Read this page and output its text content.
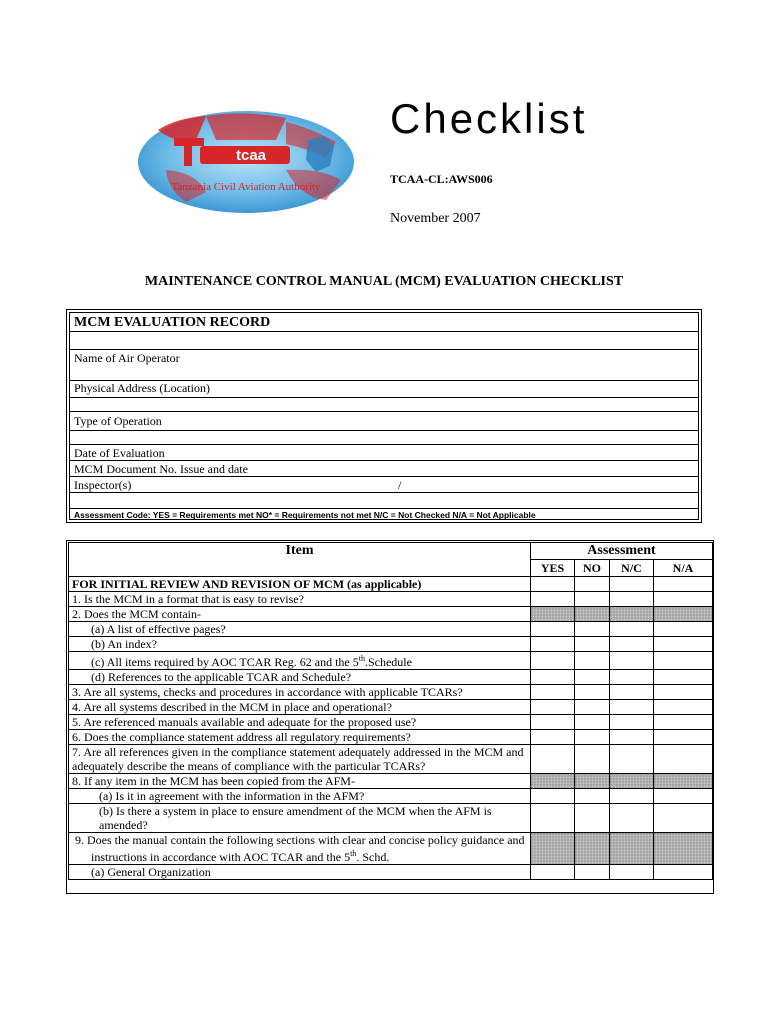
tcaa
Tanzania Civil Aviation Authority
Checklist
TCAA-CL:AWS006
November 2007
MAINTENANCE CONTROL MANUAL (MCM) EVALUATION CHECKLIST
MCM EVALUATION RECORD
Name of Air Operator
Physical Address (Location)
Type of Operation
Date of Evaluation
MCM Document No. Issue and date
Inspector(s)	/
Assessment Code: YES = Requirements met NO* = Requirements not met N/C = Not Checked N/A = Not Applicable
Item	Assessment			
	YES	NO	N/C	N/A
FOR INITIAL REVIEW AND REVISION OF MCM (as applicable)				
1. Is the MCM in a format that is easy to revise?				
2. Does the MCM contain-				
(a) A list of effective pages?				
(b) An index?				
(c) All items required by AOC TCAR Reg. 62 and the 5th.Schedule				
(d) References to the applicable TCAR and Schedule?				
3. Are all systems, checks and procedures in accordance with applicable TCARs?				
4. Are all systems described in the MCM in place and operational?				
5. Are referenced manuals available and adequate for the proposed use?				
6. Does the compliance statement address all regulatory requirements?				
7. Are all references given in the compliance statement adequately addressed in the MCM and adequately describe the means of compliance with the particular TCARs?				
8. If any item in the MCM has been copied from the AFM-				
(a) Is it in agreement with the information in the AFM?				
(b) Is there a system in place to ensure amendment of the MCM when the AFM is amended?				
9. Does the manual contain the following sections with clear and concise policy guidance and instructions in accordance with AOC TCAR and the 5th. Schd.				
(a) General Organization				
